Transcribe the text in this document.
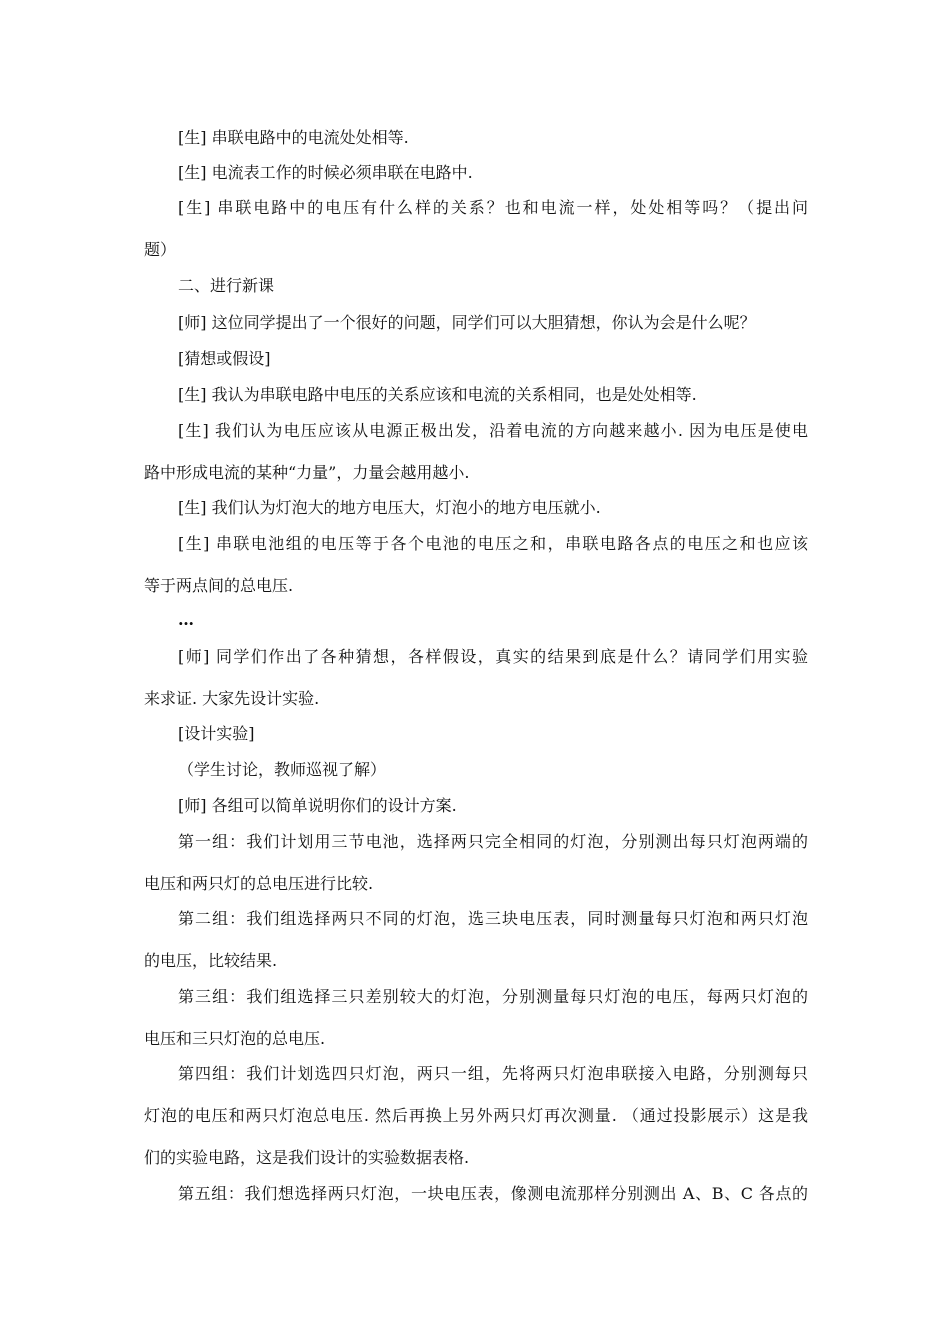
[生] 串联电路中的电流处处相等.
[生] 电流表工作的时候必须串联在电路中.
[生] 串联电路中的电压有什么样的关系？也和电流一样，处处相等吗？（提出问
题）
二、进行新课
[师] 这位同学提出了一个很好的问题，同学们可以大胆猜想，你认为会是什么呢？
[猜想或假设]
[生] 我认为串联电路中电压的关系应该和电流的关系相同，也是处处相等.
[生] 我们认为电压应该从电源正极出发，沿着电流的方向越来越小. 因为电压是使电
路中形成电流的某种“力量”，力量会越用越小.
[生] 我们认为灯泡大的地方电压大，灯泡小的地方电压就小.
[生] 串联电池组的电压等于各个电池的电压之和，串联电路各点的电压之和也应该
等于两点间的总电压.
…
[师] 同学们作出了各种猜想，各样假设，真实的结果到底是什么？请同学们用实验
来求证. 大家先设计实验.
[设计实验]
（学生讨论，教师巡视了解）
[师] 各组可以简单说明你们的设计方案.
第一组：我们计划用三节电池，选择两只完全相同的灯泡，分别测出每只灯泡两端的
电压和两只灯的总电压进行比较.
第二组：我们组选择两只不同的灯泡，选三块电压表，同时测量每只灯泡和两只灯泡
的电压，比较结果.
第三组：我们组选择三只差别较大的灯泡，分别测量每只灯泡的电压，每两只灯泡的
电压和三只灯泡的总电压.
第四组：我们计划选四只灯泡，两只一组，先将两只灯泡串联接入电路，分别测每只
灯泡的电压和两只灯泡总电压. 然后再换上另外两只灯再次测量. （通过投影展示）这是我
们的实验电路，这是我们设计的实验数据表格.
第五组：我们想选择两只灯泡，一块电压表，像测电流那样分别测出 A、B、C 各点的
